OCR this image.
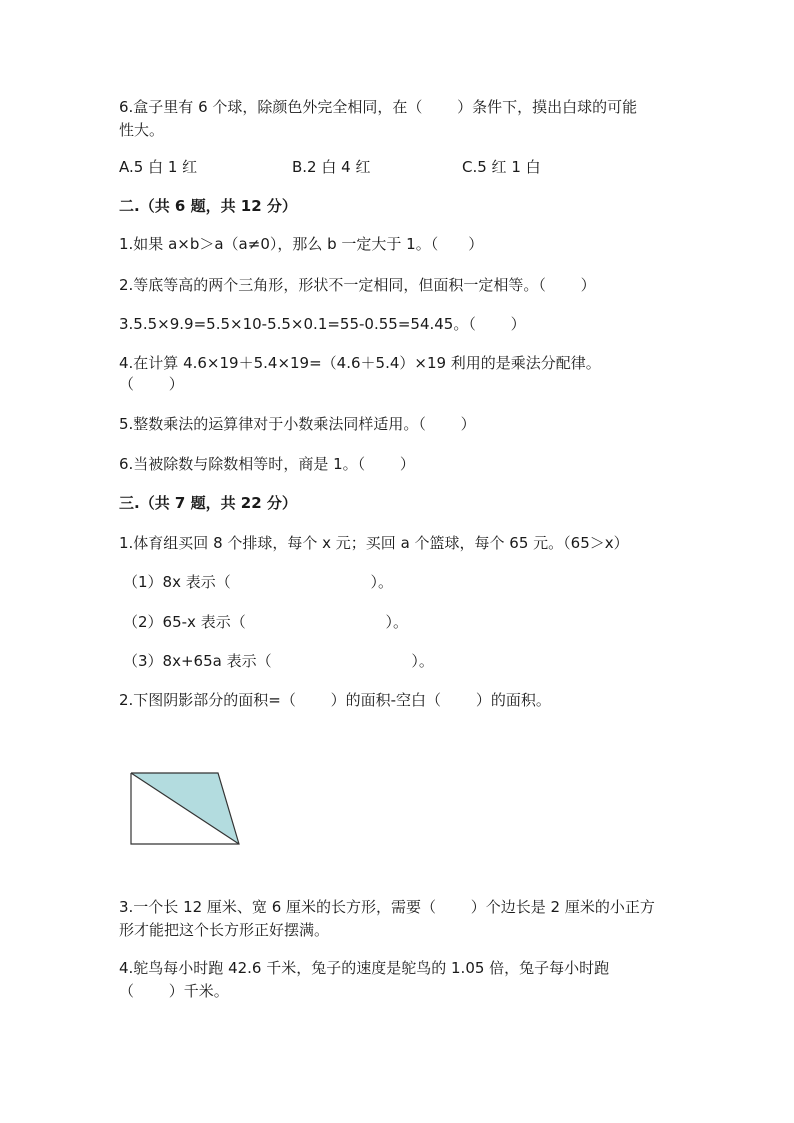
6.盒子里有 6 个球，除颜色外完全相同，在（　　 ）条件下，摸出白球的可能
性大。
A.5 白 1 红	B.2 白 4 红	C.5 红 1 白
二.（共 6 题，共 12 分）
1.如果 a×b＞a（a≠0），那么 b 一定大于 1。（　　）
2.等底等高的两个三角形，形状不一定相同，但面积一定相等。（　　 ）
3.5.5×9.9=5.5×10-5.5×0.1=55-0.55=54.45。（　　 ）
4.在计算 4.6×19＋5.4×19=（4.6＋5.4）×19 利用的是乘法分配律。
（　　 ）
5.整数乘法的运算律对于小数乘法同样适用。（　　 ）
6.当被除数与除数相等时，商是 1。（　　 ）
三.（共 7 题，共 22 分）
1.体育组买回 8 个排球，每个 x 元；买回 a 个篮球，每个 65 元。（65＞x）
（1）8x 表示（　　　　　　　　　 ）。
（2）65-x 表示（　　　　　　　　　 ）。
（3）8x+65a 表示（　　　　　　　　　 ）。
2.下图阴影部分的面积=（　　 ）的面积-空白（　　 ）的面积。
3.一个长 12 厘米、宽 6 厘米的长方形，需要（　　 ）个边长是 2 厘米的小正方
形才能把这个长方形正好摆满。
4.鸵鸟每小时跑 42.6 千米，兔子的速度是鸵鸟的 1.05 倍，兔子每小时跑
（　　 ）千米。
